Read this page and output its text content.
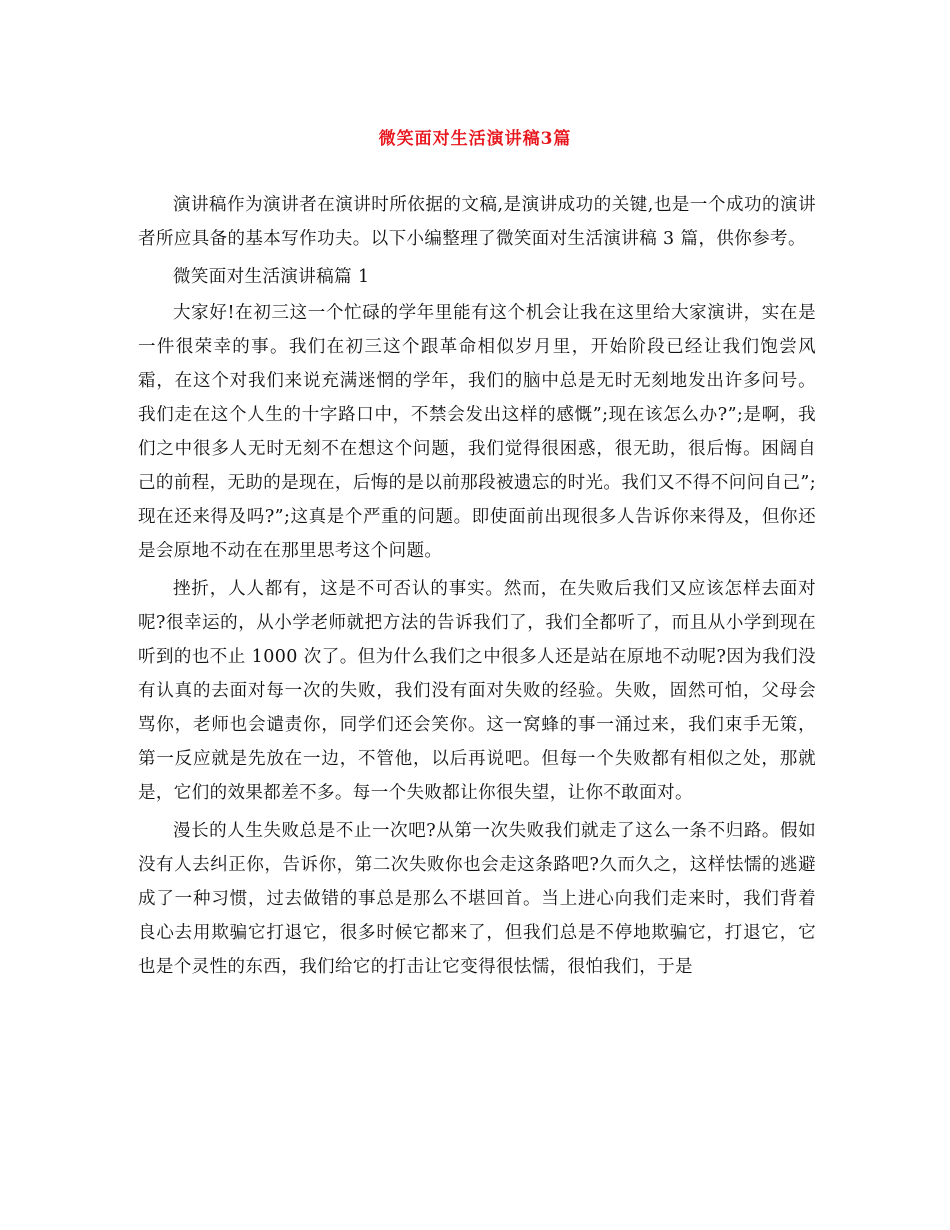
微笑面对生活演讲稿3篇

演讲稿作为演讲者在演讲时所依据的文稿,是演讲成功的关键,也是一个成功的演讲者所应具备的基本写作功夫。以下小编整理了微笑面对生活演讲稿 3 篇，供你参考。

微笑面对生活演讲稿篇 1

大家好!在初三这一个忙碌的学年里能有这个机会让我在这里给大家演讲，实在是一件很荣幸的事。我们在初三这个跟革命相似岁月里，开始阶段已经让我们饱尝风霜，在这个对我们来说充满迷惘的学年，我们的脑中总是无时无刻地发出许多问号。我们走在这个人生的十字路口中，不禁会发出这样的感慨”;现在该怎么办?”;是啊，我们之中很多人无时无刻不在想这个问题，我们觉得很困惑，很无助，很后悔。困阔自己的前程，无助的是现在，后悔的是以前那段被遗忘的时光。我们又不得不问问自己”;现在还来得及吗?”;这真是个严重的问题。即使面前出现很多人告诉你来得及，但你还是会原地不动在在那里思考这个问题。

挫折，人人都有，这是不可否认的事实。然而，在失败后我们又应该怎样去面对呢?很幸运的，从小学老师就把方法的告诉我们了，我们全都听了，而且从小学到现在听到的也不止 1000 次了。但为什么我们之中很多人还是站在原地不动呢?因为我们没有认真的去面对每一次的失败，我们没有面对失败的经验。失败，固然可怕，父母会骂你，老师也会谴责你，同学们还会笑你。这一窝蜂的事一涌过来，我们束手无策，第一反应就是先放在一边，不管他，以后再说吧。但每一个失败都有相似之处，那就是，它们的效果都差不多。每一个失败都让你很失望，让你不敢面对。

漫长的人生失败总是不止一次吧?从第一次失败我们就走了这么一条不归路。假如没有人去纠正你，告诉你，第二次失败你也会走这条路吧?久而久之，这样怯懦的逃避成了一种习惯，过去做错的事总是那么不堪回首。当上进心向我们走来时，我们背着良心去用欺骗它打退它，很多时候它都来了，但我们总是不停地欺骗它，打退它，它也是个灵性的东西，我们给它的打击让它变得很怯懦，很怕我们，于是
